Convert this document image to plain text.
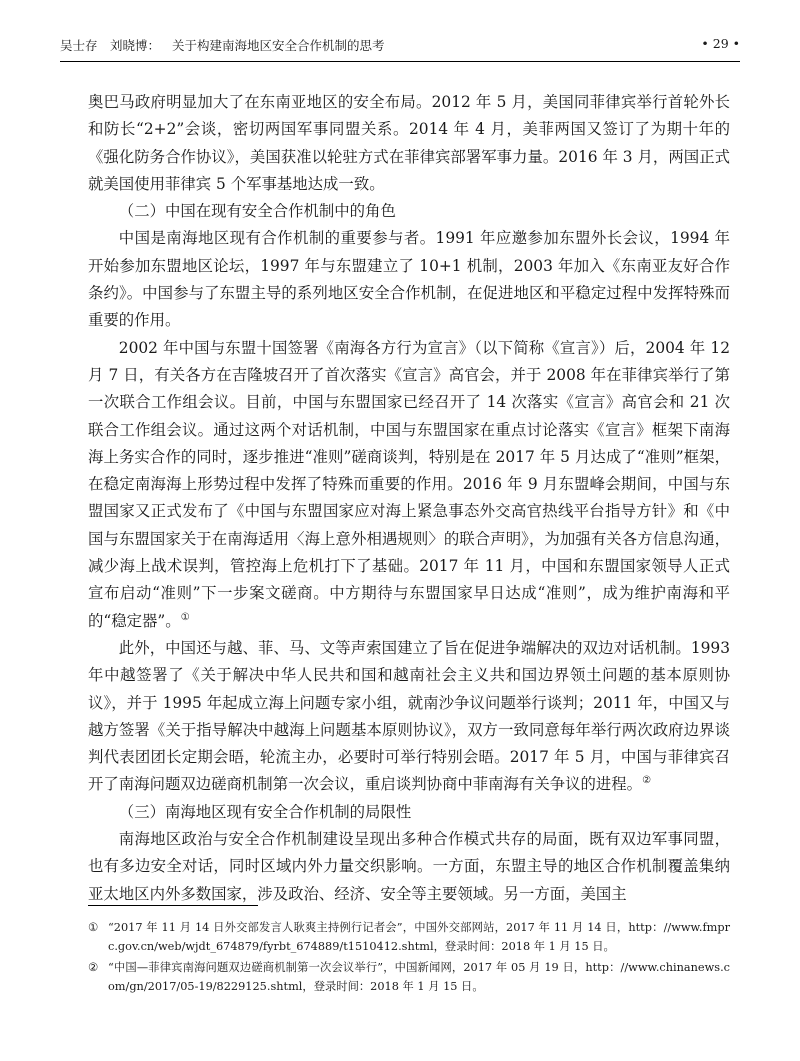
吴士存　刘晓博： 关于构建南海地区安全合作机制的思考	• 29 •

奥巴马政府明显加大了在东南亚地区的安全布局。2012 年 5 月，美国同菲律宾举行首轮外长和防长“2+2”会谈，密切两国军事同盟关系。2014 年 4 月，美菲两国又签订了为期十年的《强化防务合作协议》，美国获准以轮驻方式在菲律宾部署军事力量。2016 年 3 月，两国正式就美国使用菲律宾 5 个军事基地达成一致。

（二）中国在现有安全合作机制中的角色

中国是南海地区现有合作机制的重要参与者。1991 年应邀参加东盟外长会议，1994 年开始参加东盟地区论坛，1997 年与东盟建立了 10+1 机制，2003 年加入《东南亚友好合作条约》。中国参与了东盟主导的系列地区安全合作机制，在促进地区和平稳定过程中发挥特殊而重要的作用。

2002 年中国与东盟十国签署《南海各方行为宣言》（以下简称《宣言》）后，2004 年 12 月 7 日，有关各方在吉隆坡召开了首次落实《宣言》高官会，并于 2008 年在菲律宾举行了第一次联合工作组会议。目前，中国与东盟国家已经召开了 14 次落实《宣言》高官会和 21 次联合工作组会议。通过这两个对话机制，中国与东盟国家在重点讨论落实《宣言》框架下南海海上务实合作的同时，逐步推进“准则”磋商谈判，特别是在 2017 年 5 月达成了“准则”框架，在稳定南海海上形势过程中发挥了特殊而重要的作用。2016 年 9 月东盟峰会期间，中国与东盟国家又正式发布了《中国与东盟国家应对海上紧急事态外交高官热线平台指导方针》和《中国与东盟国家关于在南海适用〈海上意外相遇规则〉的联合声明》，为加强有关各方信息沟通，减少海上战术误判，管控海上危机打下了基础。2017 年 11 月，中国和东盟国家领导人正式宣布启动“准则”下一步案文磋商。中方期待与东盟国家早日达成“准则”，成为维护南海和平的“稳定器”。①

此外，中国还与越、菲、马、文等声索国建立了旨在促进争端解决的双边对话机制。1993 年中越签署了《关于解决中华人民共和国和越南社会主义共和国边界领土问题的基本原则协议》，并于 1995 年起成立海上问题专家小组，就南沙争议问题举行谈判；2011 年，中国又与越方签署《关于指导解决中越海上问题基本原则协议》，双方一致同意每年举行两次政府边界谈判代表团团长定期会晤，轮流主办，必要时可举行特别会晤。2017 年 5 月，中国与菲律宾召开了南海问题双边磋商机制第一次会议，重启谈判协商中菲南海有关争议的进程。②

（三）南海地区现有安全合作机制的局限性

南海地区政治与安全合作机制建设呈现出多种合作模式共存的局面，既有双边军事同盟，也有多边安全对话，同时区域内外力量交织影响。一方面，东盟主导的地区合作机制覆盖集纳亚太地区内外多数国家，涉及政治、经济、安全等主要领域。另一方面，美国主

① “2017 年 11 月 14 日外交部发言人耿爽主持例行记者会”，中国外交部网站，2017 年 11 月 14 日，http：//www.fmprc.gov.cn/web/wjdt_674879/fyrbt_674889/t1510412.shtml，登录时间：2018 年 1 月 15 日。
② “中国—菲律宾南海问题双边磋商机制第一次会议举行”，中国新闻网，2017 年 05 月 19 日，http：//www.chinanews.com/gn/2017/05-19/8229125.shtml，登录时间：2018 年 1 月 15 日。
